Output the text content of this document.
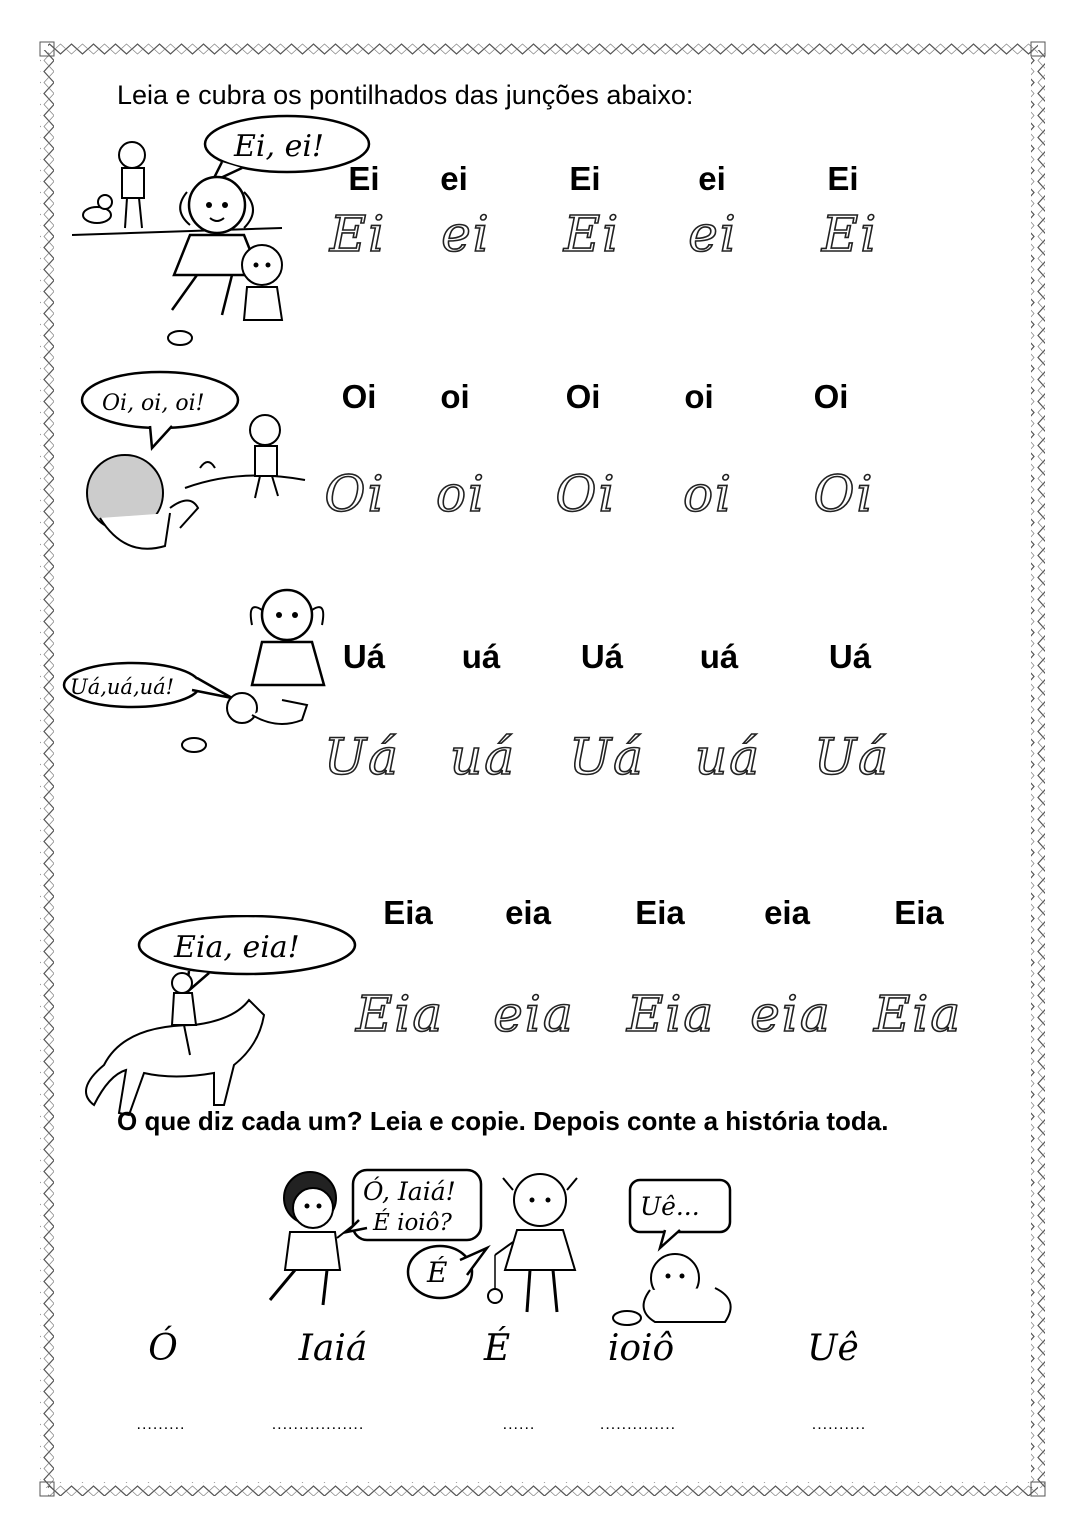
Leia e cubra os pontilhados das junções abaixo:
Ei, ei!
Oi, oi, oi!
Uá,uá,uá!
Eia, eia!
Ó, Iaiá!
É ioiô?
É
Uê...
Ei ei	Ei	ei	Ei
Ei ei Ei ei Ei
Oi oi	Oi	oi	Oi
Oi oi Oi oi Oi
Uá uá Uá uá	Uá
Uá uá Uá uá Uá
Eia eia	Eia eia	Eia
Eia eia Eia eia Eia
O que diz cada um? Leia e copie. Depois conte a história toda.
Ó	Iaiá	É	ioiô	Uê
.........	.................	......	..............	..........
